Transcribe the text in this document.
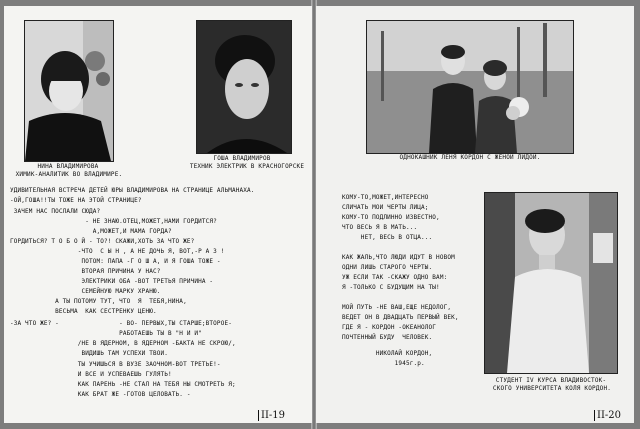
НИНА ВЛАДИМИРОВА
ХИМИК-АНАЛИТИК ВО ВЛАДИМИРЕ.
ГОША ВЛАДИМИРОВ
ТЕХНИК ЭЛЕКТРИК В КРАСНОГОРСКЕ
УДИВИТЕЛЬНАЯ ВСТРЕЧА ДЕТЕЙ ЮРЫ ВЛАДИМИРОВА НА СТРАНИЦЕ АЛЬМАНАХА.
-ОЙ,ГОША!!ТЫ ТОЖЕ НА ЭТОЙ СТРАНИЦЕ?
ЗАЧЕМ НАС ПОСЛАЛИ СЮДА?
- НЕ ЗНАЮ.ОТЕЦ,МОЖЕТ,НАМИ ГОРДИТСЯ?
А,МОЖЕТ,И МАМА ГОРДА?
ГОРДИТЬСЯ? Т О Б О Й - ТО?! СКАЖИ,ХОТЬ ЗА ЧТО ЖЕ?
-ЧТО  С Ы Н , А НЕ ДОЧЬ Я, ВОТ,-Р А З !
ПОТОМ: ПАПА -Г О Ш А, И Я ГОША ТОЖЕ -
ВТОРАЯ ПРИЧИНА У НАС?
ЭЛЕКТРИКИ ОБА -ВОТ ТРЕТЬЯ ПРИЧИНА -
СЕМЕЙНУЮ МАРКУ ХРАНЮ.
А ТЫ ПОТОМУ ТУТ, ЧТО  Я  ТЕБЯ,НИНА,
ВЕСЬМА  КАК СЕСТРЕНКУ ЦЕНЮ.
-ЗА ЧТО ЖЕ? -                - ВО- ПЕРВЫХ,ТЫ СТАРШЕ;ВТОРОЕ-
РАБОТАЕШЬ ТЫ В "Н И И"
/НЕ В ЯДЕРНОМ, В ЯДЕРНОМ -БАКТА НЕ СКРОЮ/,
ВИДИШЬ ТАМ УСПЕХИ ТВОИ.
ТЫ УЧИШЬСЯ В ВУЗЕ ЗАОЧНОМ-ВОТ ТРЕТЬЕ!-
И ВСЕ И УСПЕВАЕШЬ ГУЛЯТЬ!
КАК ПАРЕНЬ -НЕ СТАЛ НА ТЕБЯ НЫ СМОТРЕТЬ Я;
КАК БРАТ ЖЕ -ГОТОВ ЦЕЛОВАТЬ. -
II-19
ОДНОКАШНИК ЛЕНЯ КОРДОН С ЖЕНОЙ ЛИДОЙ.
КОМУ-ТО,МОЖЕТ,ИНТЕРЕСНО
СЛИЧАТЬ МОИ ЧЕРТЫ ЛИЦА;
КОМУ-ТО ПОДЛИННО ИЗВЕСТНО,
ЧТО ВЕСЬ Я В МАТЬ...
НЕТ, ВЕСЬ В ОТЦА...
КАК ЖАЛЬ,ЧТО ЛЮДИ ИДУТ В НОВОМ
ОДНИ ЛИШЬ СТАРОГО ЧЕРТЫ.
УЖ ЕСЛИ ТАК -СКАЖУ ОДНО ВАМ:
Я -ТОЛЬКО С БУДУЩИМ НА ТЫ!
МОЙ ПУТЬ -НЕ ВАШ,ЕЩЕ НЕДОЛОГ,
ВЕДЕТ ОН В ДВАДЦАТЬ ПЕРВЫЙ ВЕК,
ГДЕ Я - КОРДОН -ОКЕАНОЛОГ
ПОЧТЕННЫЙ БУДУ  ЧЕЛОВЕК.
НИКОЛАЙ КОРДОН,
1945г.р.
СТУДЕНТ IV КУРСА ВЛАДИВОСТОК-
СКОГО УНИВЕРСИТЕТА КОЛЯ КОРДОН.
II-20
